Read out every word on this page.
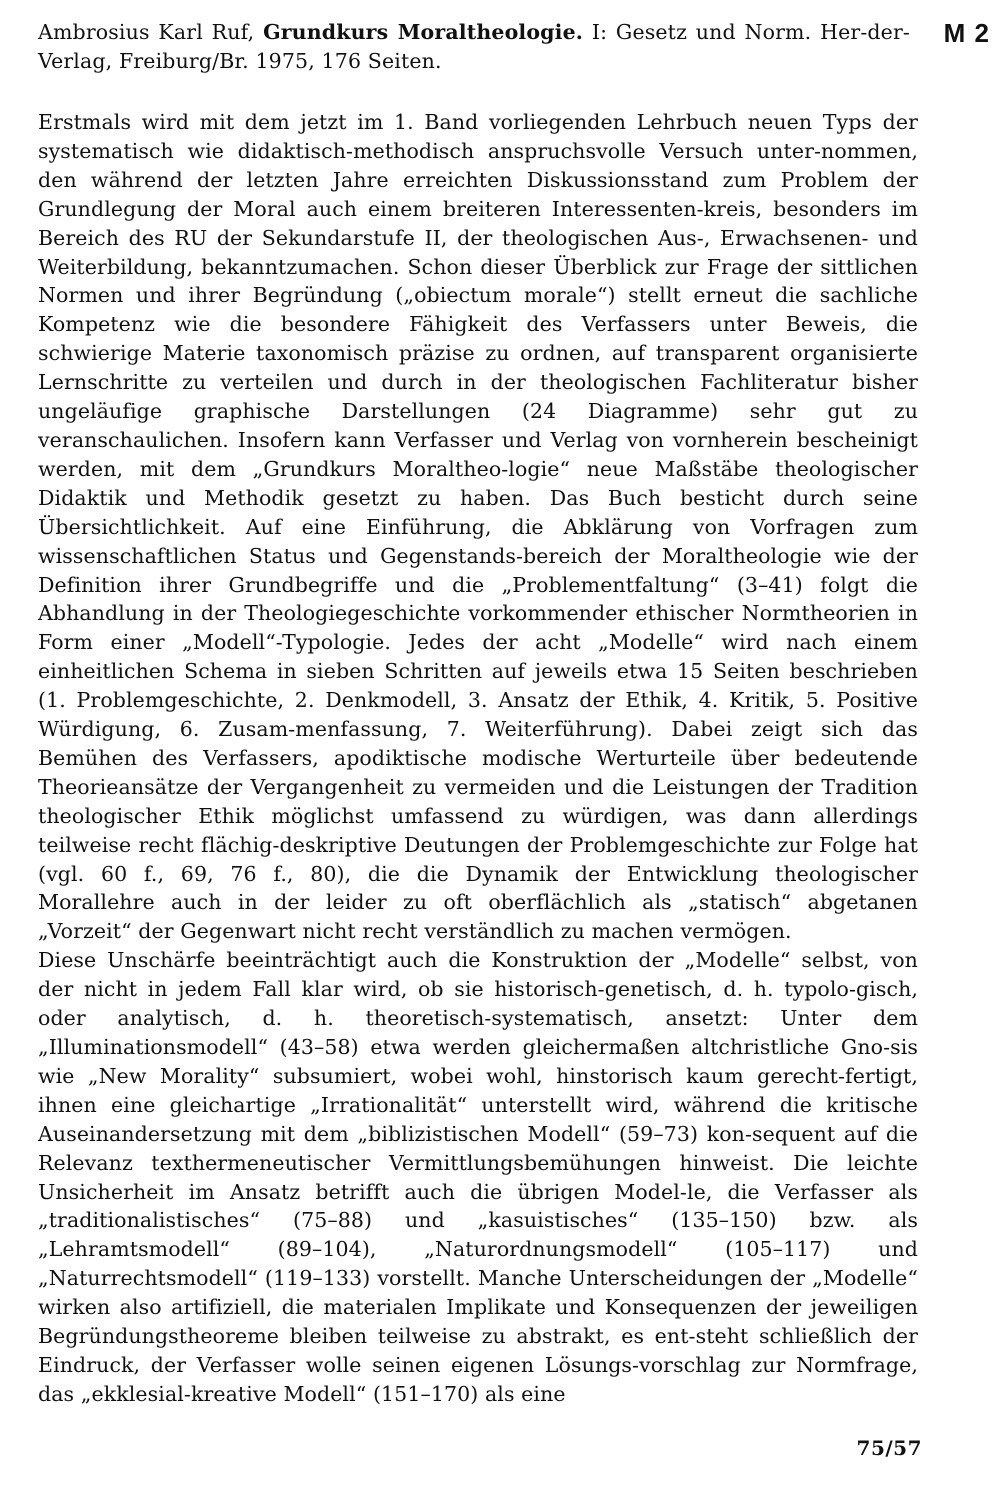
Ambrosius Karl Ruf, Grundkurs Moraltheologie. I: Gesetz und Norm. Her-der-Verlag, Freiburg/Br. 1975, 176 Seiten.
M 2

Erstmals wird mit dem jetzt im 1. Band vorliegenden Lehrbuch neuen Typs der systematisch wie didaktisch-methodisch anspruchsvolle Versuch unter-nommen, den während der letzten Jahre erreichten Diskussionsstand zum Problem der Grundlegung der Moral auch einem breiteren Interessenten-kreis, besonders im Bereich des RU der Sekundarstufe II, der theologischen Aus-, Erwachsenen- und Weiterbildung, bekanntzumachen. Schon dieser Überblick zur Frage der sittlichen Normen und ihrer Begründung („obiectum morale“) stellt erneut die sachliche Kompetenz wie die besondere Fähigkeit des Verfassers unter Beweis, die schwierige Materie taxonomisch präzise zu ordnen, auf transparent organisierte Lernschritte zu verteilen und durch in der theologischen Fachliteratur bisher ungeläufige graphische Darstellungen (24 Diagramme) sehr gut zu veranschaulichen. Insofern kann Verfasser und Verlag von vornherein bescheinigt werden, mit dem „Grundkurs Moraltheo-logie“ neue Maßstäbe theologischer Didaktik und Methodik gesetzt zu haben. Das Buch besticht durch seine Übersichtlichkeit. Auf eine Einführung, die Abklärung von Vorfragen zum wissenschaftlichen Status und Gegenstands-bereich der Moraltheologie wie der Definition ihrer Grundbegriffe und die „Problementfaltung“ (3–41) folgt die Abhandlung in der Theologiegeschichte vorkommender ethischer Normtheorien in Form einer „Modell“-Typologie. Jedes der acht „Modelle“ wird nach einem einheitlichen Schema in sieben Schritten auf jeweils etwa 15 Seiten beschrieben (1. Problemgeschichte, 2. Denkmodell, 3. Ansatz der Ethik, 4. Kritik, 5. Positive Würdigung, 6. Zusam-menfassung, 7. Weiterführung). Dabei zeigt sich das Bemühen des Verfassers, apodiktische modische Werturteile über bedeutende Theorieansätze der Vergangenheit zu vermeiden und die Leistungen der Tradition theologischer Ethik möglichst umfassend zu würdigen, was dann allerdings teilweise recht flächig-deskriptive Deutungen der Problemgeschichte zur Folge hat (vgl. 60 f., 69, 76 f., 80), die die Dynamik der Entwicklung theologischer Morallehre auch in der leider zu oft oberflächlich als „statisch“ abgetanen „Vorzeit“ der Gegenwart nicht recht verständlich zu machen vermögen.

Diese Unschärfe beeinträchtigt auch die Konstruktion der „Modelle“ selbst, von der nicht in jedem Fall klar wird, ob sie historisch-genetisch, d. h. typolo-gisch, oder analytisch, d. h. theoretisch-systematisch, ansetzt: Unter dem „Illuminationsmodell“ (43–58) etwa werden gleichermaßen altchristliche Gno-sis wie „New Morality“ subsumiert, wobei wohl, hinstorisch kaum gerecht-fertigt, ihnen eine gleichartige „Irrationalität“ unterstellt wird, während die kritische Auseinandersetzung mit dem „biblizistischen Modell“ (59–73) kon-sequent auf die Relevanz texthermeneutischer Vermittlungsbemühungen hinweist. Die leichte Unsicherheit im Ansatz betrifft auch die übrigen Model-le, die Verfasser als „traditionalistisches“ (75–88) und „kasuistisches“ (135–150) bzw. als „Lehramtsmodell“ (89–104), „Naturordnungsmodell“ (105–117) und „Naturrechtsmodell“ (119–133) vorstellt. Manche Unterscheidungen der „Modelle“ wirken also artifiziell, die materialen Implikate und Konsequenzen der jeweiligen Begründungstheoreme bleiben teilweise zu abstrakt, es ent-steht schließlich der Eindruck, der Verfasser wolle seinen eigenen Lösungs-vorschlag zur Normfrage, das „ekklesial-kreative Modell“ (151–170) als eine

75/57
